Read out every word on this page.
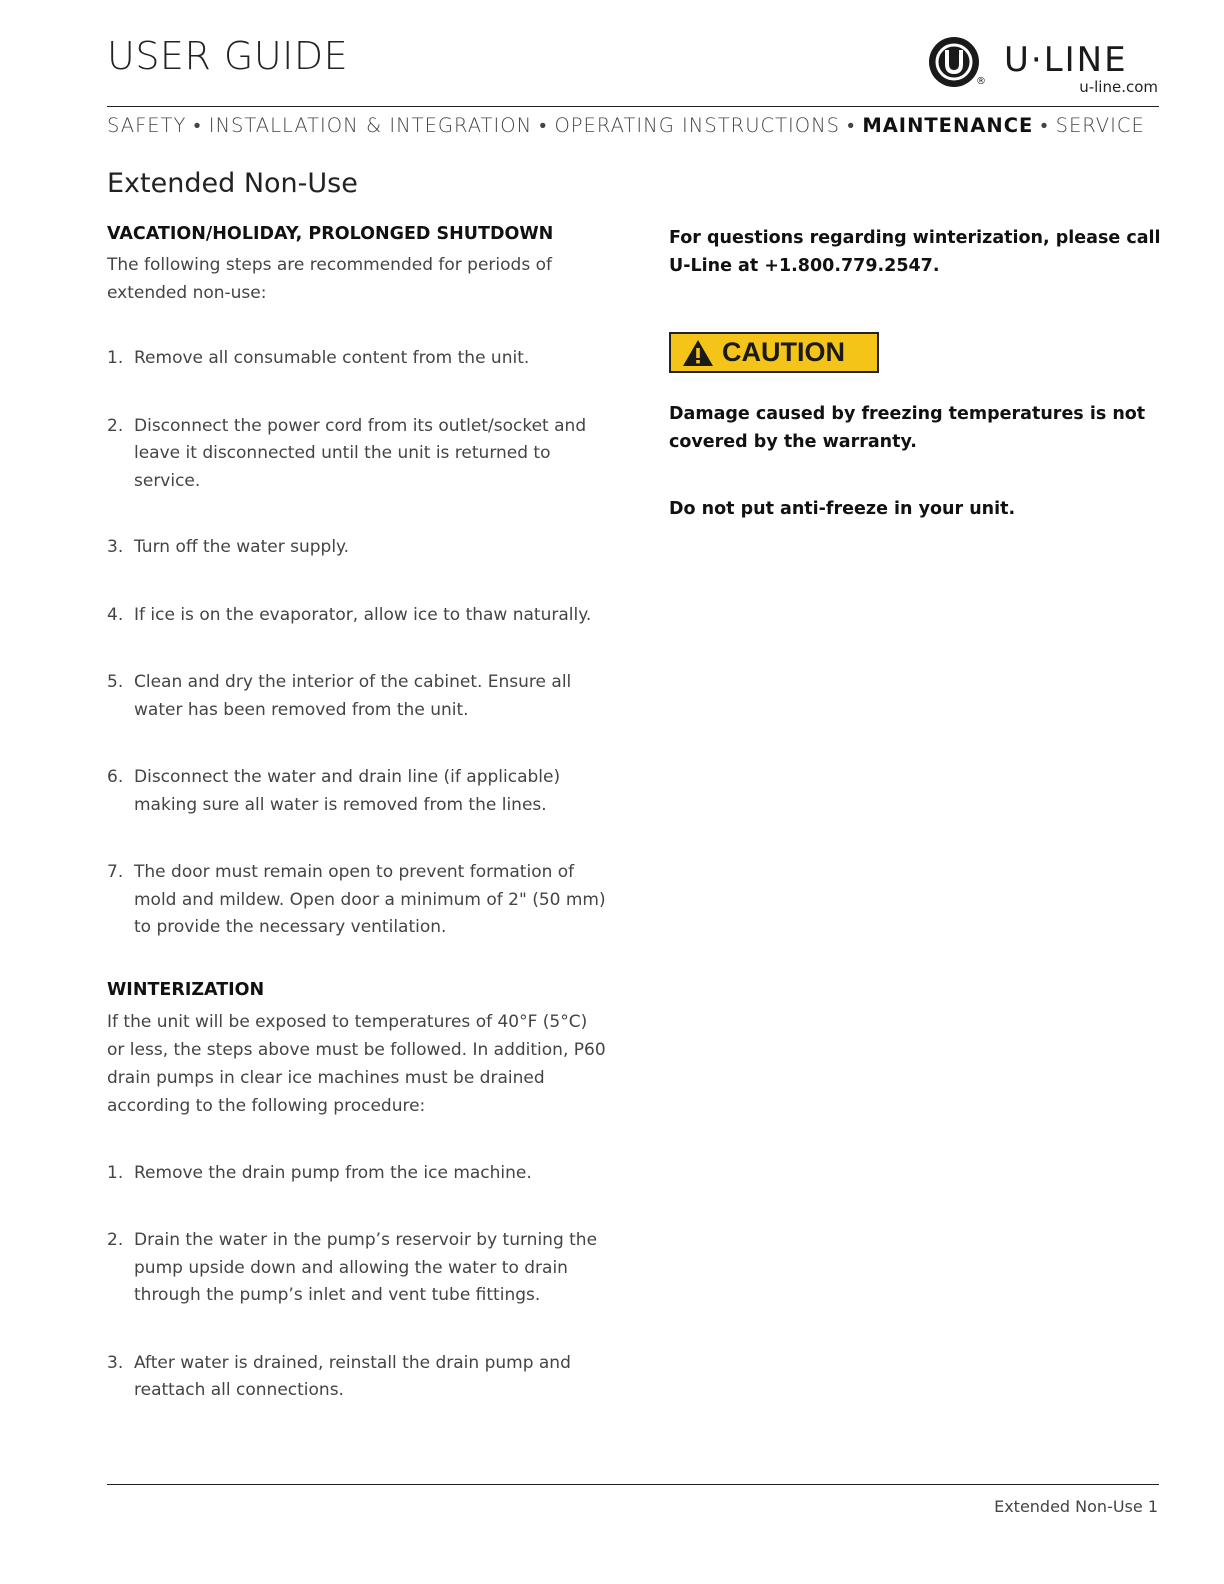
USER GUIDE
®
U·LINE
u-line.com
SAFETY • INSTALLATION & INTEGRATION • OPERATING INSTRUCTIONS • MAINTENANCE • SERVICE
Extended Non-Use

VACATION/HOLIDAY, PROLONGED SHUTDOWN

The following steps are recommended for periods of extended non-use:

1. Remove all consumable content from the unit.
2. Disconnect the power cord from its outlet/socket and leave it disconnected until the unit is returned to service.
3. Turn off the water supply.
4. If ice is on the evaporator, allow ice to thaw naturally.
5. Clean and dry the interior of the cabinet. Ensure all water has been removed from the unit.
6. Disconnect the water and drain line (if applicable) making sure all water is removed from the lines.
7. The door must remain open to prevent formation of mold and mildew. Open door a minimum of 2" (50 mm) to provide the necessary ventilation.

WINTERIZATION

If the unit will be exposed to temperatures of 40°F (5°C) or less, the steps above must be followed. In addition, P60 drain pumps in clear ice machines must be drained according to the following procedure:

1. Remove the drain pump from the ice machine.
2. Drain the water in the pump’s reservoir by turning the pump upside down and allowing the water to drain through the pump’s inlet and vent tube fittings.
3. After water is drained, reinstall the drain pump and reattach all connections.

For questions regarding winterization, please call U-Line at +1.800.779.2547.

CAUTION

Damage caused by freezing temperatures is not covered by the warranty.

Do not put anti-freeze in your unit.

Extended Non-Use 1
